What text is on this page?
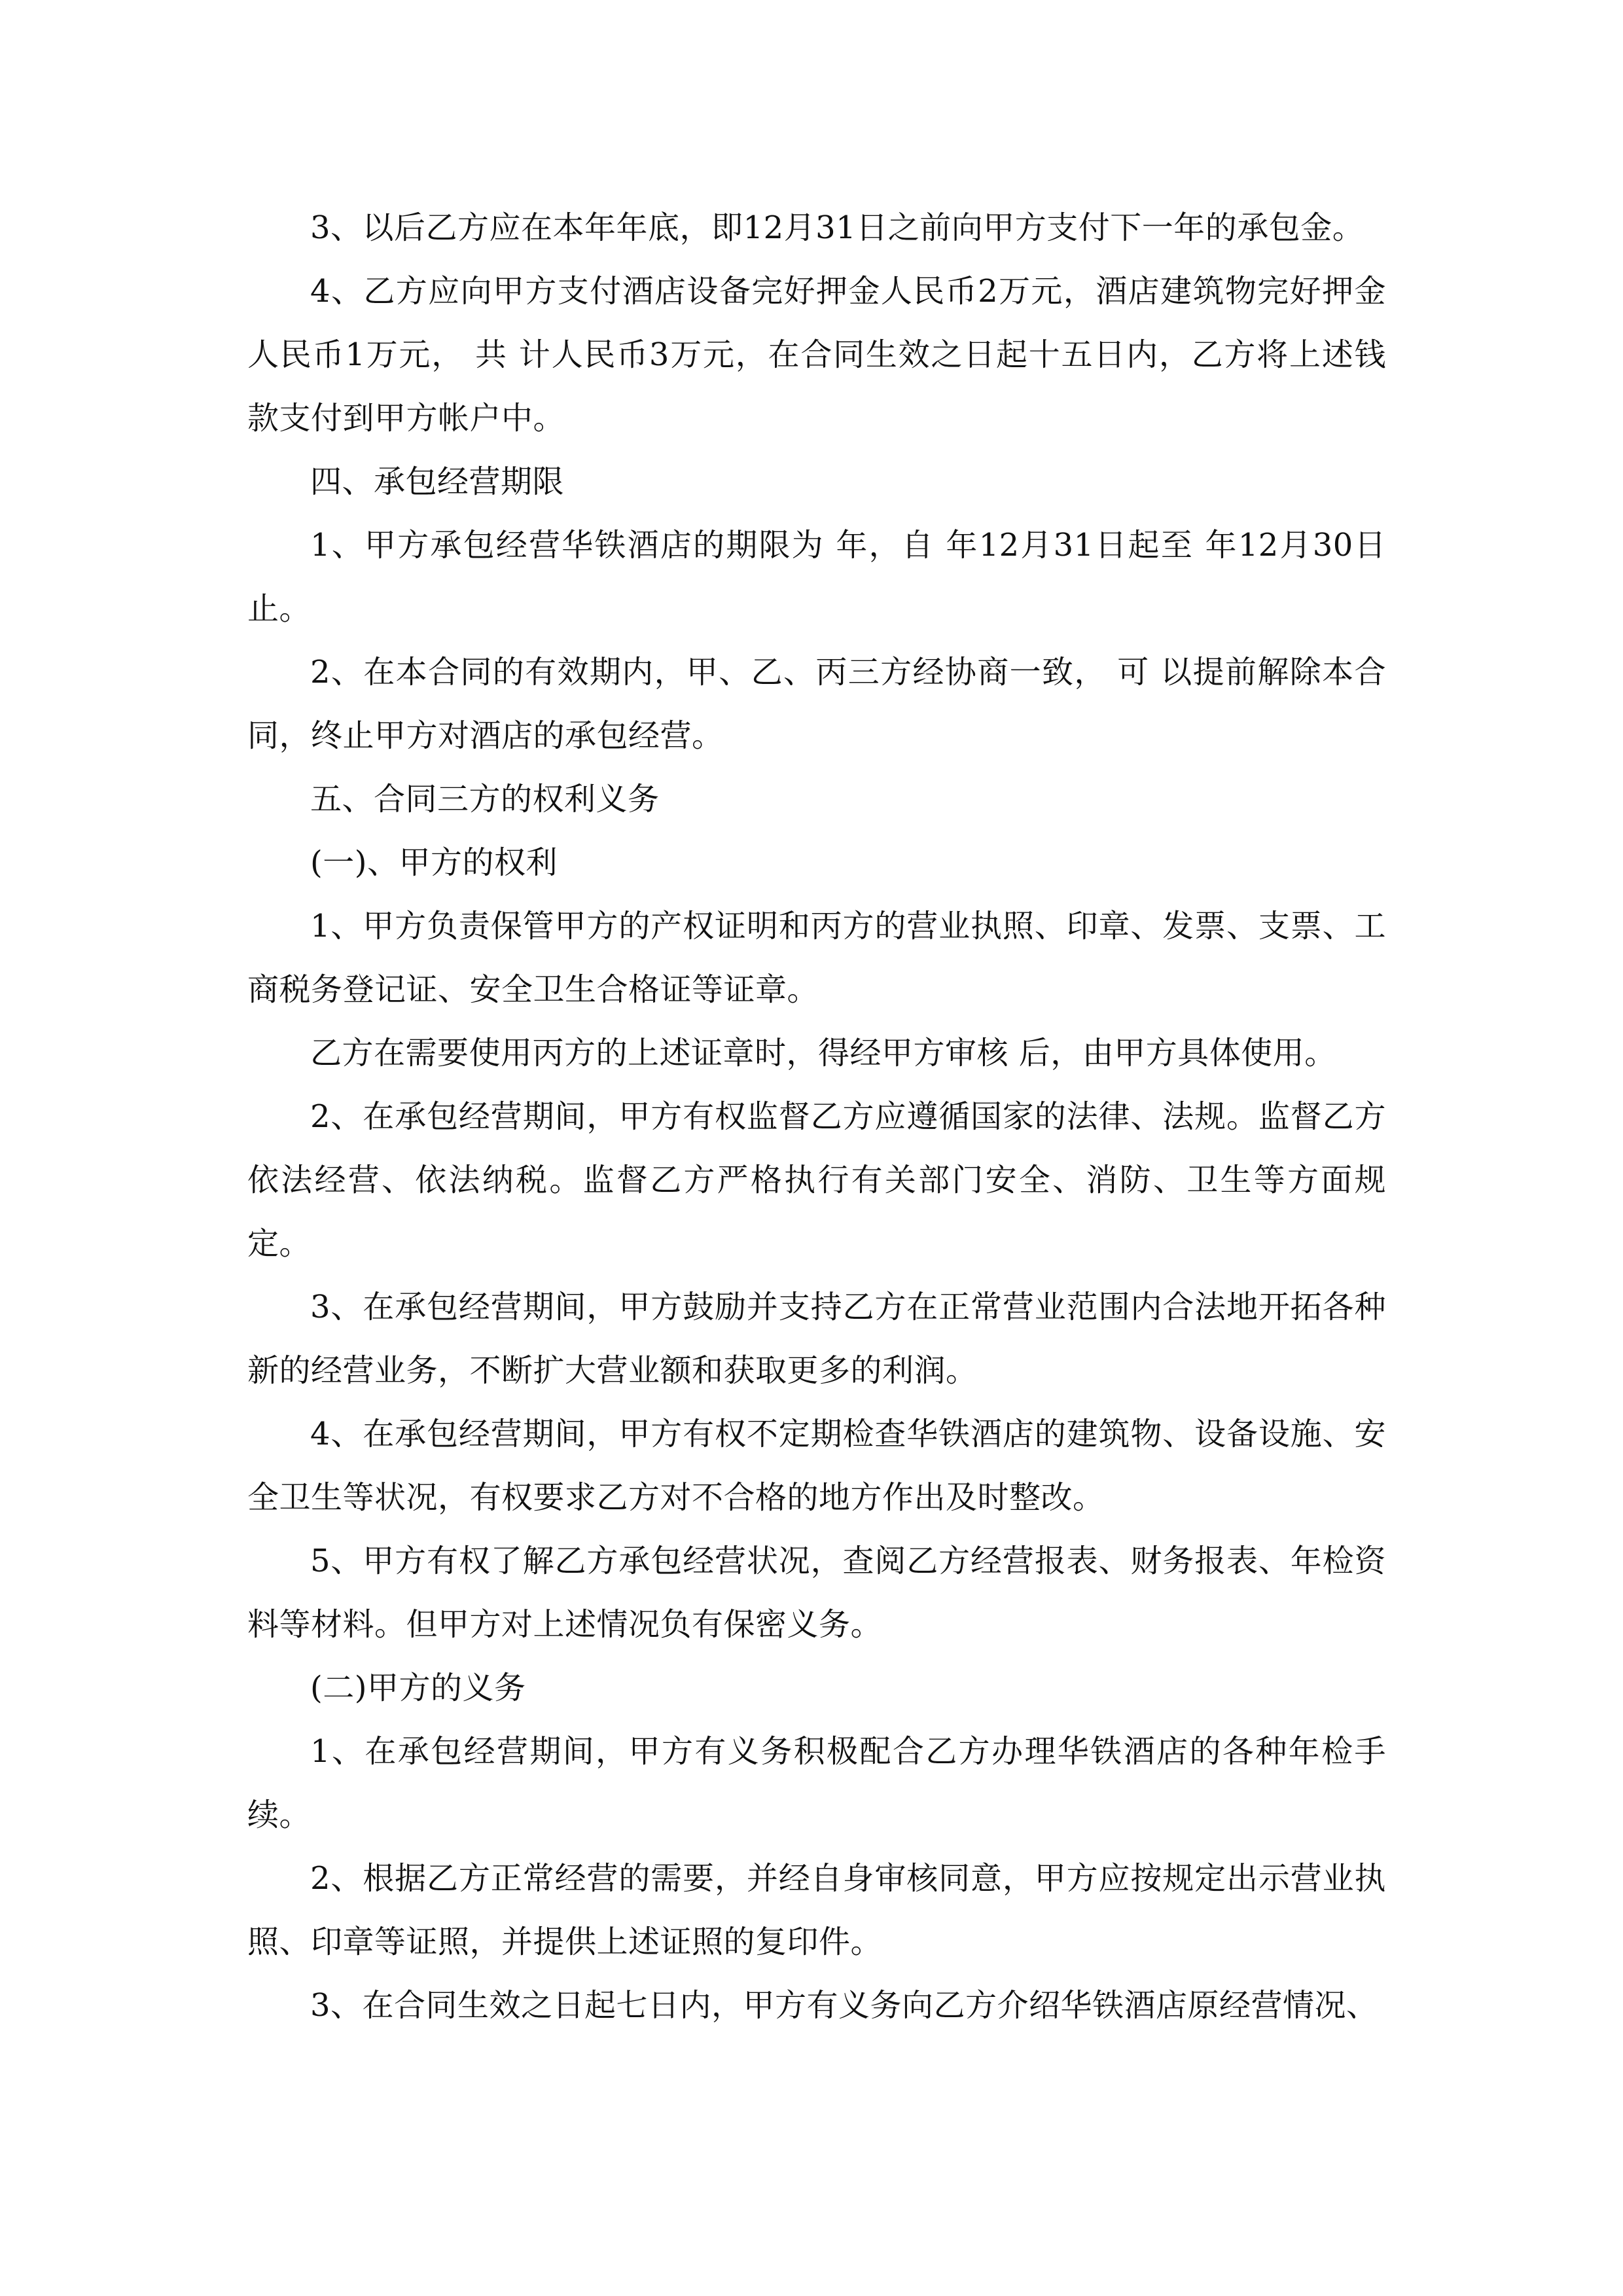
3、以后乙方应在本年年底，即12月31日之前向甲方支付下一年的承包金。

4、乙方应向甲方支付酒店设备完好押金人民币2万元，酒店建筑物完好押金人民币1万元， 共 计人民币3万元，在合同生效之日起十五日内，乙方将上述钱款支付到甲方帐户中。

四、承包经营期限

1、甲方承包经营华铁酒店的期限为 年，自 年12月31日起至 年12月30日止。

2、在本合同的有效期内，甲、乙、丙三方经协商一致， 可 以提前解除本合同，终止甲方对酒店的承包经营。

五、合同三方的权利义务

(一)、甲方的权利

1、甲方负责保管甲方的产权证明和丙方的营业执照、印章、发票、支票、工商税务登记证、安全卫生合格证等证章。

乙方在需要使用丙方的上述证章时，得经甲方审核 后，由甲方具体使用。

2、在承包经营期间，甲方有权监督乙方应遵循国家的法律、法规。监督乙方依法经营、依法纳税。监督乙方严格执行有关部门安全、消防、卫生等方面规定。

3、在承包经营期间，甲方鼓励并支持乙方在正常营业范围内合法地开拓各种新的经营业务，不断扩大营业额和获取更多的利润。

4、在承包经营期间，甲方有权不定期检查华铁酒店的建筑物、设备设施、安全卫生等状况，有权要求乙方对不合格的地方作出及时整改。

5、甲方有权了解乙方承包经营状况，查阅乙方经营报表、财务报表、年检资料等材料。但甲方对上述情况负有保密义务。

(二)甲方的义务

1、在承包经营期间，甲方有义务积极配合乙方办理华铁酒店的各种年检手续。

2、根据乙方正常经营的需要，并经自身审核同意，甲方应按规定出示营业执照、印章等证照，并提供上述证照的复印件。

3、在合同生效之日起七日内，甲方有义务向乙方介绍华铁酒店原经营情况、
